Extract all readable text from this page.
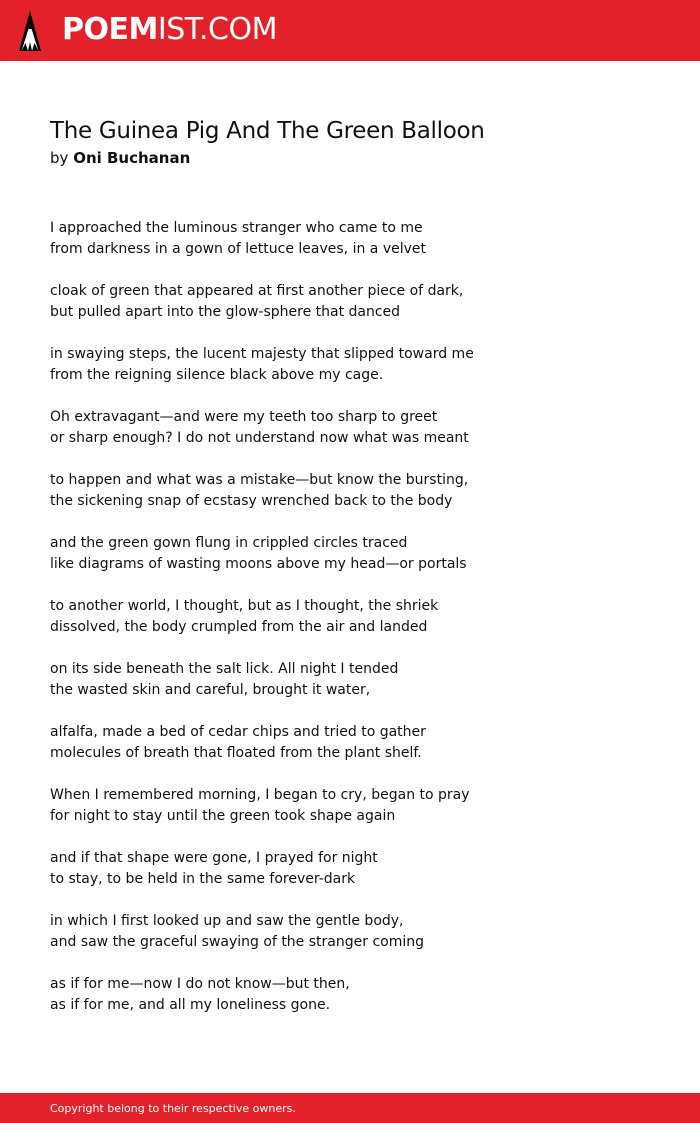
POEMIST.COM
The Guinea Pig And The Green Balloon
by Oni Buchanan
I approached the luminous stranger who came to me
from darkness in a gown of lettuce leaves, in a velvet
cloak of green that appeared at first another piece of dark,
but pulled apart into the glow-sphere that danced
in swaying steps, the lucent majesty that slipped toward me
from the reigning silence black above my cage.
Oh extravagant—and were my teeth too sharp to greet
or sharp enough? I do not understand now what was meant
to happen and what was a mistake—but know the bursting,
the sickening snap of ecstasy wrenched back to the body
and the green gown flung in crippled circles traced
like diagrams of wasting moons above my head—or portals
to another world, I thought, but as I thought, the shriek
dissolved, the body crumpled from the air and landed
on its side beneath the salt lick. All night I tended
the wasted skin and careful, brought it water,
alfalfa, made a bed of cedar chips and tried to gather
molecules of breath that floated from the plant shelf.
When I remembered morning, I began to cry, began to pray
for night to stay until the green took shape again
and if that shape were gone, I prayed for night
to stay, to be held in the same forever-dark
in which I first looked up and saw the gentle body,
and saw the graceful swaying of the stranger coming
as if for me—now I do not know—but then,
as if for me, and all my loneliness gone.
Copyright belong to their respective owners.
